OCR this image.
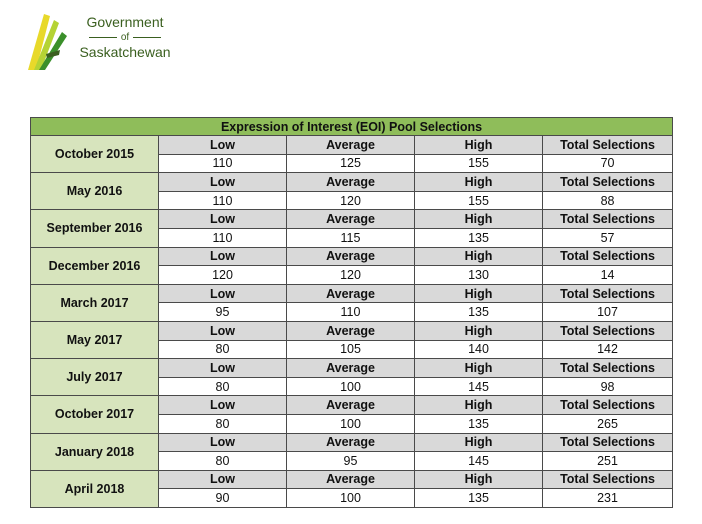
Government
of
Saskatchewan
Expression of Interest (EOI) Pool Selections				
October 2015	Low	Average	High	Total Selections
	110	125	155	70
May 2016	Low	Average	High	Total Selections
	110	120	155	88
September 2016	Low	Average	High	Total Selections
	110	115	135	57
December 2016	Low	Average	High	Total Selections
	120	120	130	14
March 2017	Low	Average	High	Total Selections
	95	110	135	107
May 2017	Low	Average	High	Total Selections
	80	105	140	142
July 2017	Low	Average	High	Total Selections
	80	100	145	98
October 2017	Low	Average	High	Total Selections
	80	100	135	265
January 2018	Low	Average	High	Total Selections
	80	95	145	251
April 2018	Low	Average	High	Total Selections
	90	100	135	231
